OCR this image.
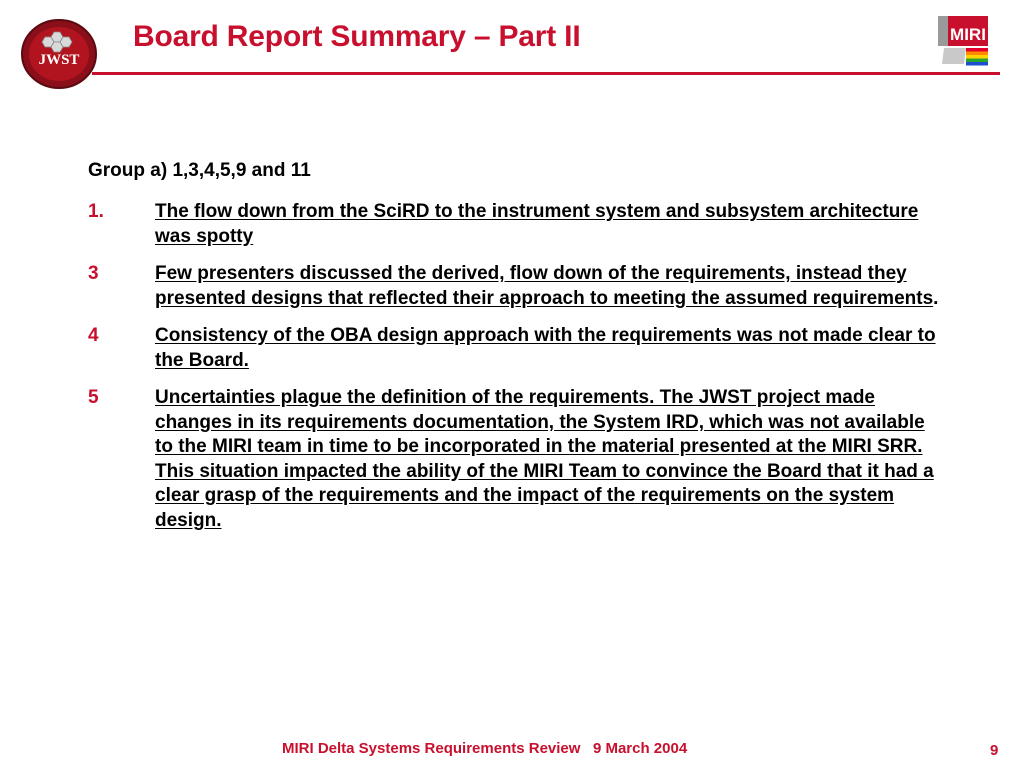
JWST
MIRI
Board Report Summary – Part II

Group a) 1,3,4,5,9 and 11

1.	The flow down from the SciRD to the instrument system and subsystem architecture was spotty
3	Few presenters discussed the derived, flow down of the requirements, instead they presented designs that reflected their approach to meeting the assumed requirements.
4	Consistency of the OBA design approach with the requirements was not made clear to the Board.
5	Uncertainties plague the definition of the requirements. The JWST project made changes in its requirements documentation, the System IRD, which was not available to the MIRI team in time to be incorporated in the material presented at the MIRI SRR. This situation impacted the ability of the MIRI Team to convince the Board that it had a clear grasp of the requirements and the impact of the requirements on the system design.
MIRI Delta Systems Requirements Review   9 March 2004	9
